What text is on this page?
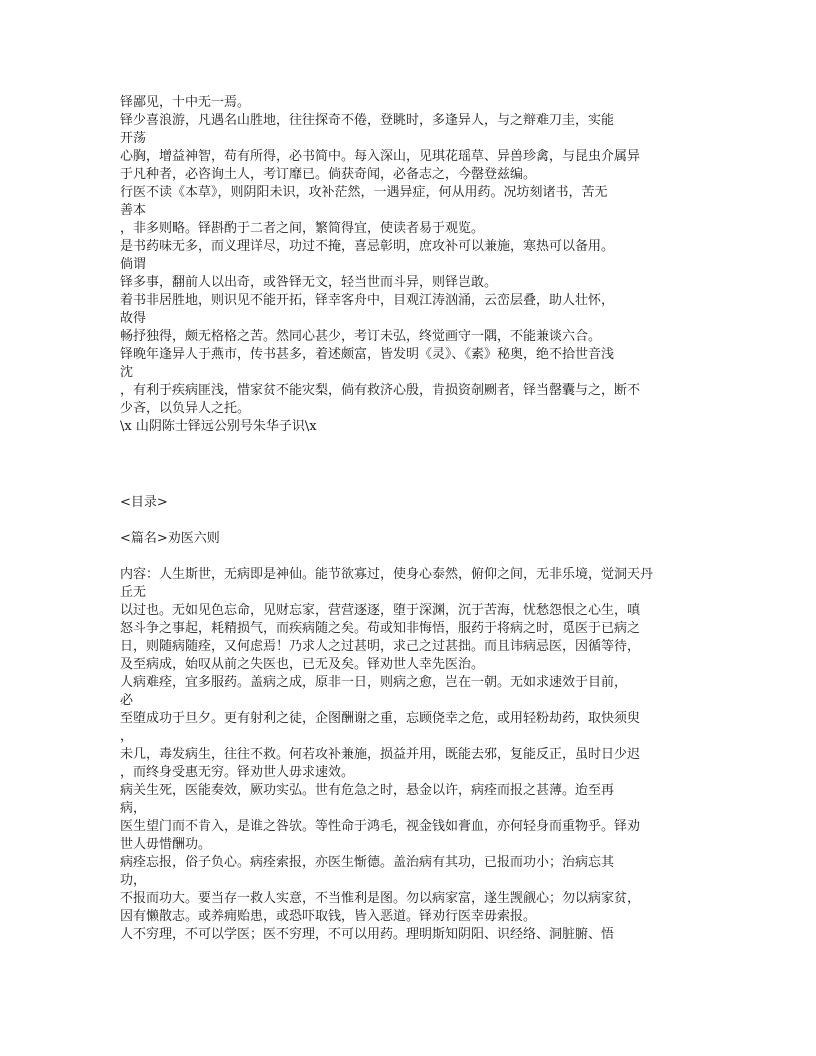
铎鄙见，十中无一焉。
铎少喜浪游，凡遇名山胜地，往往探奇不倦，登眺时，多逢异人，与之辩难刀圭，实能
开荡
心胸，增益神智，苟有所得，必书简中。每入深山，见琪花瑶草、异兽珍禽，与昆虫介属异
于凡种者，必咨询土人，考订靡已。倘获奇闻，必备志之，今罄登兹编。
行医不读《本草》，则阴阳未识，攻补茫然，一遇异症，何从用药。况坊刻诸书，苦无
善本
，非多则略。铎斟酌于二者之间，繁简得宜，使读者易于观览。
是书药味无多，而义理详尽，功过不掩，喜忌彰明，庶攻补可以兼施，寒热可以备用。
倘谓
铎多事，翻前人以出奇，或咎铎无文，轻当世而斗异，则铎岂敢。
着书非居胜地，则识见不能开拓，铎幸客舟中，目观江涛汹涌，云峦层叠，助人壮怀，
故得
畅抒独得，颇无格格之苦。然同心甚少，考订未弘，终觉画守一隅，不能兼谈六合。
铎晚年逢异人于燕市，传书甚多，着述颇富，皆发明《灵》、《素》秘奥，绝不拾世音浅
沈
，有利于疾病匪浅，惜家贫不能灾梨，倘有救济心殷，肯损资剞劂者，铎当罄囊与之，断不
少吝，以负异人之托。
\x 山阴陈士铎远公别号朱华子识\x
<目录>
<篇名>劝医六则
内容：人生斯世，无病即是神仙。能节欲寡过，使身心泰然，俯仰之间，无非乐境，觉洞天丹
丘无
以过也。无如见色忘命，见财忘家，营营逐逐，堕于深渊，沉于苦海，忧愁怨恨之心生，嗔
怒斗争之事起，耗精损气，而疾病随之矣。苟或知非悔悟，服药于将病之时，觅医于已病之
日，则随病随痊，又何虑焉！乃求人之过甚明，求己之过甚拙。而且讳病忌医，因循等待，
及至病成，始叹从前之失医也，已无及矣。铎劝世人幸先医治。
人病难痊，宜多服药。盖病之成，原非一日，则病之愈，岂在一朝。无如求速效于目前，
必
至堕成功于旦夕。更有射利之徒，企图酬谢之重，忘顾侥幸之危，或用轻粉劫药，取快须臾
，
未几，毒发病生，往往不救。何若攻补兼施，损益并用，既能去邪，复能反正，虽时日少迟
，而终身受惠无穷。铎劝世人毋求速效。
病关生死，医能奏效，厥功实弘。世有危急之时，悬金以许，病痊而报之甚薄。迨至再
病，
医生望门而不肯入，是谁之咎欤。等性命于鸿毛，视金钱如膏血，亦何轻身而重物乎。铎劝
世人毋惜酬功。
病痊忘报，俗子负心。病痊索报，亦医生惭德。盖治病有其功，已报而功小；治病忘其
功，
不报而功大。要当存一救人实意，不当惟利是图。勿以病家富，遂生觊觎心；勿以病家贫，
因有懒散志。或养痈贻患，或恐吓取钱，皆入恶道。铎劝行医幸毋索报。
人不穷理，不可以学医；医不穷理，不可以用药。理明斯知阴阳、识经络、洞脏腑、悟
